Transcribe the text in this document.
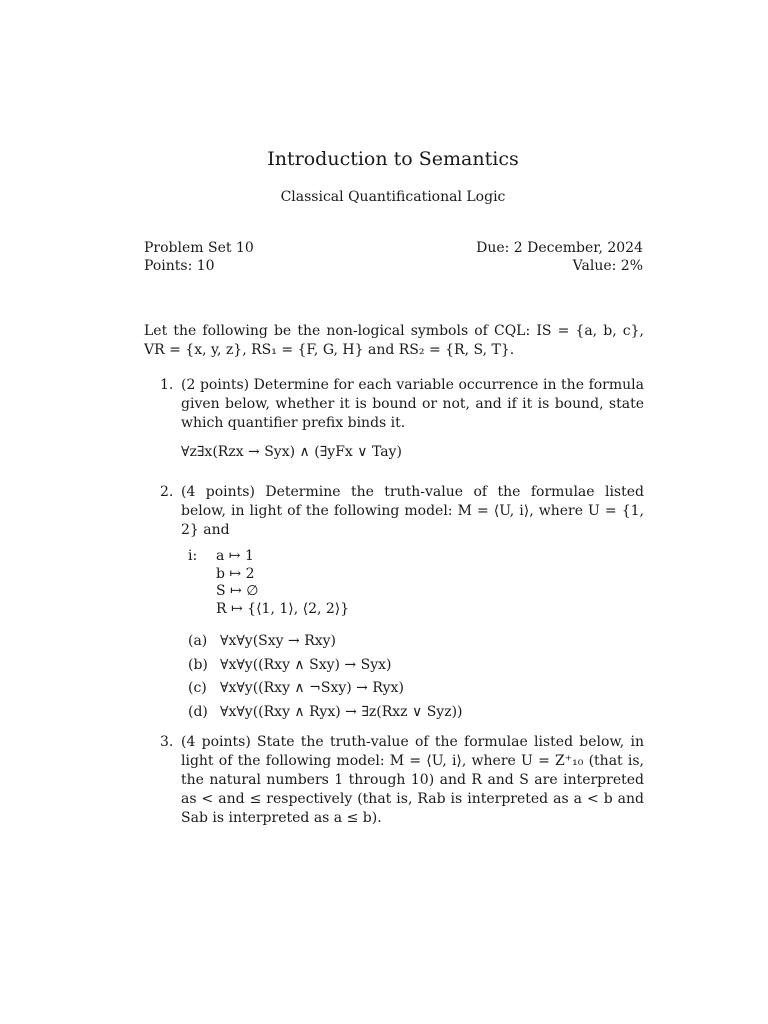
Introduction to Semantics
Classical Quantificational Logic
Problem Set 10
Points: 10
Due: 2 December, 2024
Value: 2%
Let the following be the non-logical symbols of CQL: IS = {a, b, c}, VR = {x, y, z}, RS₁ = {F, G, H} and RS₂ = {R, S, T}.
1. (2 points) Determine for each variable occurrence in the formula given below, whether it is bound or not, and if it is bound, state which quantifier prefix binds it.
∀z∃x(Rzx → Syx) ∧ (∃yFx ∨ Tay)
2. (4 points) Determine the truth-value of the formulae listed below, in light of the following model: M = ⟨U, i⟩, where U = {1, 2} and
i:	a ↦ 1
b ↦ 2
S ↦ ∅
R ↦ {⟨1, 1⟩, ⟨2, 2⟩}
(a) ∀x∀y(Sxy → Rxy)
(b) ∀x∀y((Rxy ∧ Sxy) → Syx)
(c) ∀x∀y((Rxy ∧ ¬Sxy) → Ryx)
(d) ∀x∀y((Rxy ∧ Ryx) → ∃z(Rxz ∨ Syz))
3. (4 points) State the truth-value of the formulae listed below, in light of the following model: M = ⟨U, i⟩, where U = Z⁺₁₀ (that is, the natural numbers 1 through 10) and R and S are interpreted as < and ≤ respectively (that is, Rab is interpreted as a < b and Sab is interpreted as a ≤ b).
